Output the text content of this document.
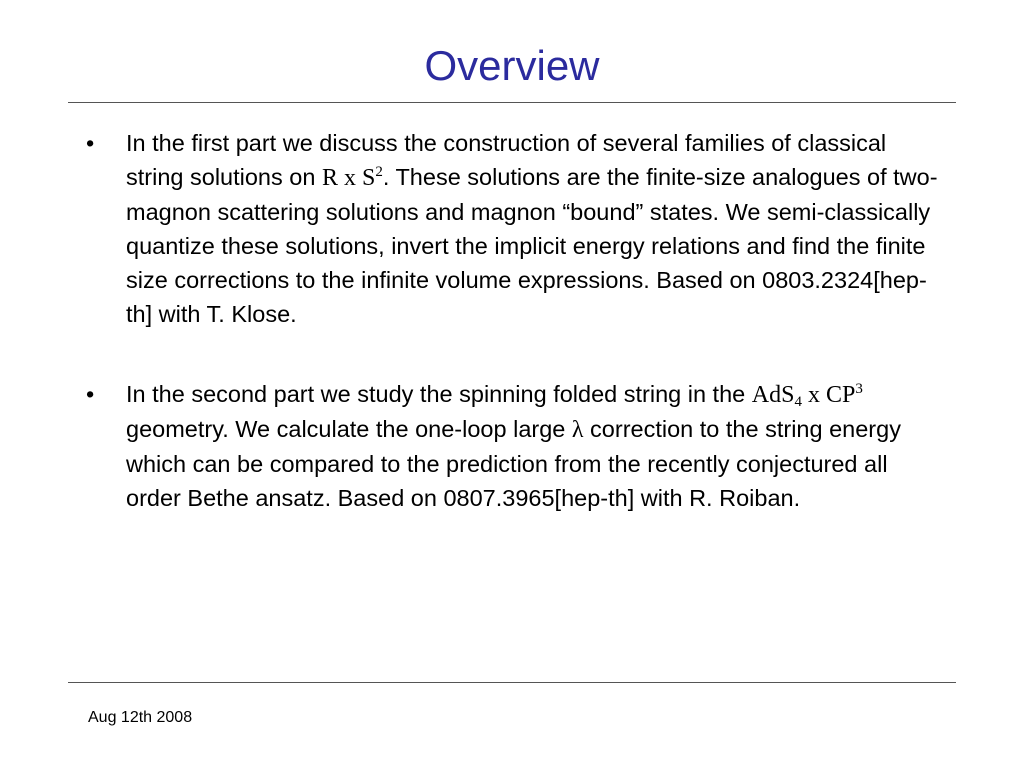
Overview
•	In the first part we discuss the construction of several families of classical string solutions on R x $S^2$. These solutions are the finite-size analogues of two-magnon scattering solutions and magnon “bound” states. We semi-classically quantize these solutions, invert the implicit energy relations and find the finite size corrections to the infinite volume expressions. Based on 0803.2324[hep-th] with T. Klose.
•	In the second part we study the spinning folded string in the AdS$_4$ x $CP^3$ geometry. We calculate the one-loop large λ correction to the string energy which can be compared to the prediction from the recently conjectured all order Bethe ansatz. Based on 0807.3965[hep-th] with R. Roiban.
Aug 12th 2008
